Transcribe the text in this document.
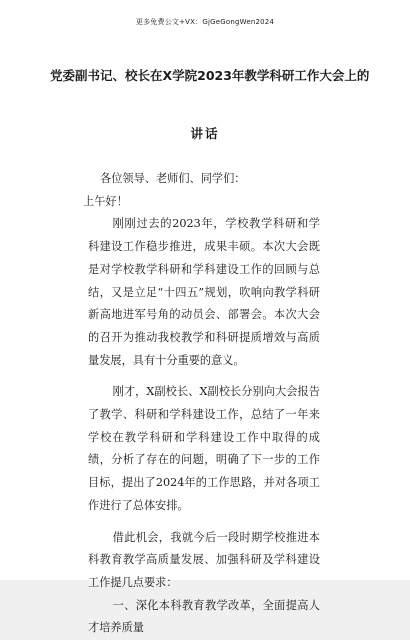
更多免费公文+VX：GjGeGongWen2024
党委副书记、校长在X学院2023年教学科研工作大会上的
讲话

各位领导、老师们、同学们：

上午好！

刚刚过去的2023年，学校教学科研和学科建设工作稳步推进，成果丰硕。本次大会既是对学校教学科研和学科建设工作的回顾与总结，又是立足“十四五”规划，吹响向教学科研新高地进军号角的动员会、部署会。本次大会的召开为推动我校教学和科研提质增效与高质量发展，具有十分重要的意义。

刚才，X副校长、X副校长分别向大会报告了教学、科研和学科建设工作，总结了一年来学校在教学科研和学科建设工作中取得的成绩，分析了存在的问题，明确了下一步的工作目标，提出了2024年的工作思路，并对各项工作进行了总体安排。

借此机会，我就今后一段时期学校推进本科教育教学高质量发展、加强科研及学科建设工作提几点要求：

一、深化本科教育教学改革，全面提高人才培养质量
